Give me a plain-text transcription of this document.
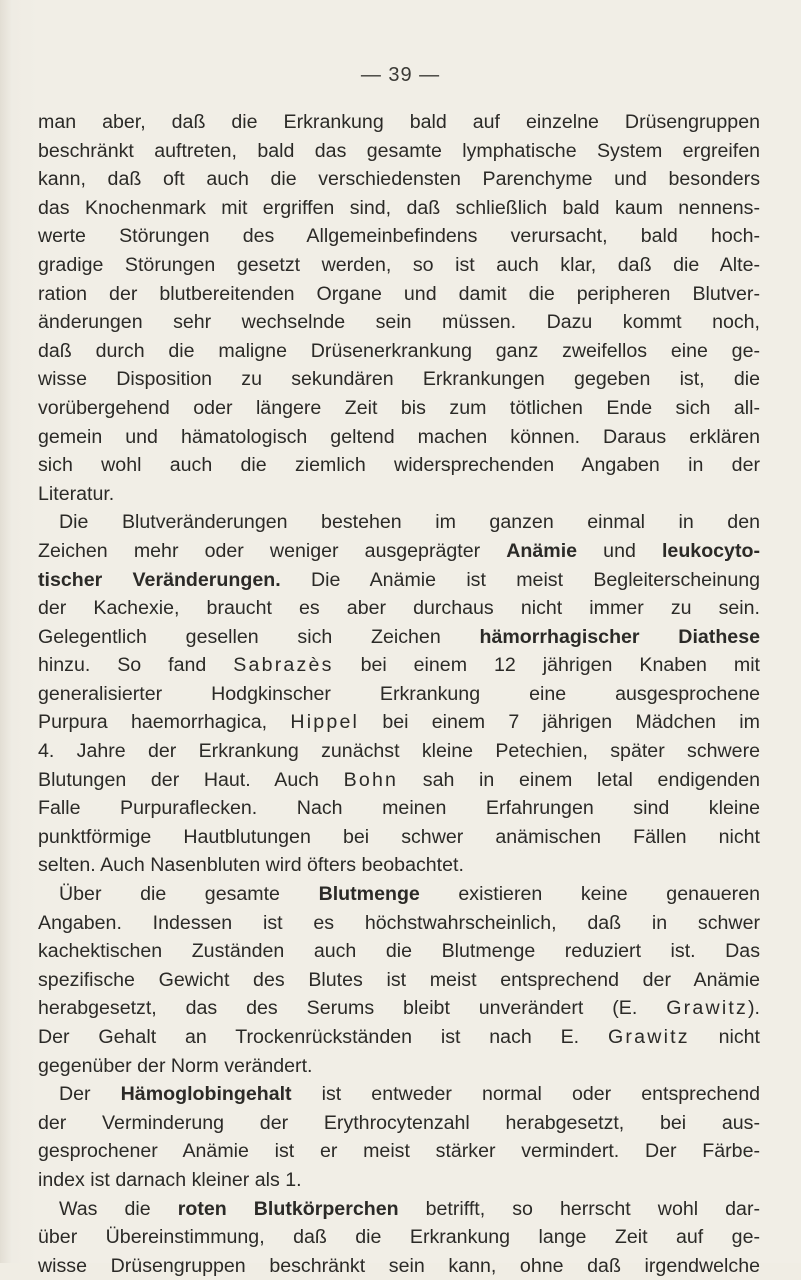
— 39 —
man aber, daß die Erkrankung bald auf einzelne Drüsengruppen
beschränkt auftreten, bald das gesamte lymphatische System ergreifen
kann, daß oft auch die verschiedensten Parenchyme und besonders
das Knochenmark mit ergriffen sind, daß schließlich bald kaum nennens-
werte Störungen des Allgemeinbefindens verursacht, bald hoch-
gradige Störungen gesetzt werden, so ist auch klar, daß die Alte-
ration der blutbereitenden Organe und damit die peripheren Blutver-
änderungen sehr wechselnde sein müssen. Dazu kommt noch,
daß durch die maligne Drüsenerkrankung ganz zweifellos eine ge-
wisse Disposition zu sekundären Erkrankungen gegeben ist, die
vorübergehend oder längere Zeit bis zum tötlichen Ende sich all-
gemein und hämatologisch geltend machen können. Daraus erklären
sich wohl auch die ziemlich widersprechenden Angaben in der
Literatur.
Die Blutveränderungen bestehen im ganzen einmal in den
Zeichen mehr oder weniger ausgeprägter Anämie und leukocyto-
tischer Veränderungen. Die Anämie ist meist Begleiterscheinung
der Kachexie, braucht es aber durchaus nicht immer zu sein.
Gelegentlich gesellen sich Zeichen hämorrhagischer Diathese
hinzu. So fand Sabrazès bei einem 12 jährigen Knaben mit
generalisierter Hodgkinscher Erkrankung eine ausgesprochene
Purpura haemorrhagica, Hippel bei einem 7 jährigen Mädchen im
4. Jahre der Erkrankung zunächst kleine Petechien, später schwere
Blutungen der Haut. Auch Bohn sah in einem letal endigenden
Falle Purpuraflecken. Nach meinen Erfahrungen sind kleine
punktförmige Hautblutungen bei schwer anämischen Fällen nicht
selten. Auch Nasenbluten wird öfters beobachtet.
Über die gesamte Blutmenge existieren keine genaueren
Angaben. Indessen ist es höchstwahrscheinlich, daß in schwer
kachektischen Zuständen auch die Blutmenge reduziert ist. Das
spezifische Gewicht des Blutes ist meist entsprechend der Anämie
herabgesetzt, das des Serums bleibt unverändert (E. Grawitz).
Der Gehalt an Trockenrückständen ist nach E. Grawitz nicht
gegenüber der Norm verändert.
Der Hämoglobingehalt ist entweder normal oder entsprechend
der Verminderung der Erythrocytenzahl herabgesetzt, bei aus-
gesprochener Anämie ist er meist stärker vermindert. Der Färbe-
index ist darnach kleiner als 1.
Was die roten Blutkörperchen betrifft, so herrscht wohl dar-
über Übereinstimmung, daß die Erkrankung lange Zeit auf ge-
wisse Drüsengruppen beschränkt sein kann, ohne daß irgendwelche
